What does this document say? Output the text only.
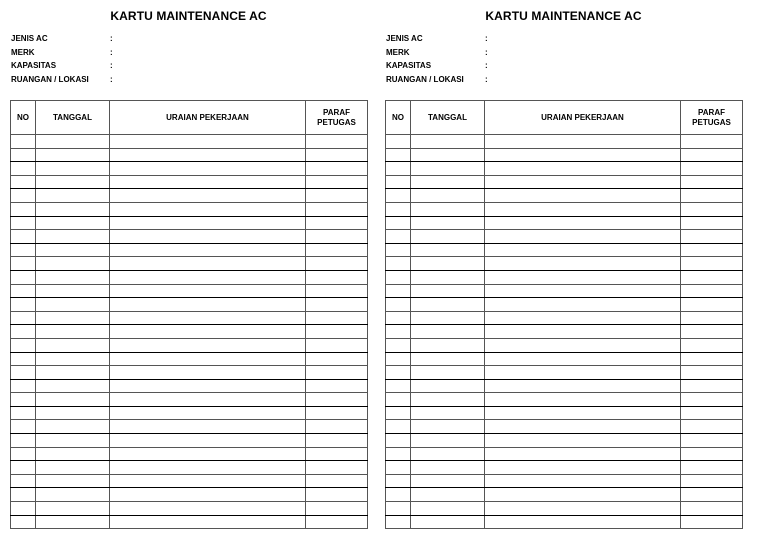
KARTU MAINTENANCE AC
JENIS AC	:
MERK	:
KAPASITAS	:
RUANGAN / LOKASI	:
NO	TANGGAL	URAIAN PEKERJAAN	PARAF PETUGAS

KARTU MAINTENANCE AC
JENIS AC	:
MERK	:
KAPASITAS	:
RUANGAN / LOKASI	:
NO	TANGGAL	URAIAN PEKERJAAN	PARAF PETUGAS
